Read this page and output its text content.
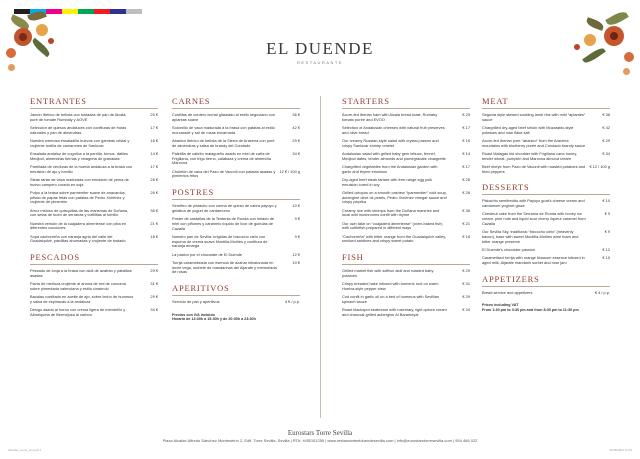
EL DUENDE
RESTAURANTE
ENTRANTES
Jamón Ibérico de bellota con tostadas de pan de Alcalá, puré de tomate Rumbaly y AOVE
25 €
Selección de quesos andaluces con confituras de frutas naturales y pan de almendras
17 €
Nuestra cremosa ensaladilla huevos con gambas cristal y crujiente tortilla de camarones de Sanlúcar
16 €
Ensalada andaluz de cogollos a la parrilla, tomos, dátiles Medjool, almendras tiernas y vinagreta de granadas
14 €
Parrillada de verduras de la huerta andaluza a la brasa con emulsión de ajo y tomillo
17 €
Steak tartar de vaca madurada con emulsión de yema de huevo campero curado en soja
28 €
Pulpo a la brasa sobre parmentier suave de anacardos, pétalo de papas fritas con patatas de Pedro Ximénez y crujiente de pimentón
26 €
Arroz meloso de quisquillas de las marismas de Doñana, con setas de buen de serranas y tortillitas al tomillo
36 €
Nuestra versión de la cuajadera almeriense con piba en diferentes cocciones
21 €
Sopa cachorreña con naranja agria del valle del Guadalquivir, pardillas ahumadas y crujiente de tostado
18 €
PESCADOS
Pescado de lonja a la brasa con aioli de azafrán y patatitas asadas
29 €
Pavía de merluza crujiente al aroma de red de curcuma sobre pimentada valenciana y estilo cinabrolo
31 €
Bacalao confitado en aceite de ajo, sobre lecho de hummus y salsa de espinacas a la andaluza
29 €
Desigo asado al horno con crema ligera de membrillo y Albariqueta de Bermejosa al carbón
34 €
CARNES
Costillas de cordero lechal glaseado al estilo segoviano con apiantas suave
36 €
Solomillo de vaca madurada a la brasa con patatas al estilo morcarade y sal de rosas encarnada
42 €
Abanico ibérico de bellota de la Sierra de Aracena con puré de almendras y salsa de brandy del Condado
29 €
Paletilla de cabrito malagueño asado en miel de caña de Frigiliana, con trigo tierno, calabaza y crema de almendra Marcona
34 €
Chuletón de vaca del Pazo de Vaconil con patatas asadas y pimientos fritos
12 € / 100 g
POSTRES
Semifrío de pistacho con crema de queso de cabra payoyo y gelatina de yogurt de cardamomo
10 €
Poster de castañas de la Tentenia de Ronda con helado de miel con piñones y caramelo líquido de licor de guindas de Cazalla
9 €
Nuestro pan de Sevilla: brigidas de bizcocho cielo con espuma de crema suave Montilla-Moriles y confitura de naranja amarga
9 €
La pasión por el chocolate de El Duende	12 €
Torrija caramelizada con esencia de azahar infusionada en leche vega, sorbete de mandarinas del Aljarafe y mermelada de rosas
10 €
APERITIVOS
Servicio de pan y aperitivos	4 € / p.p.
Precios con IVA incluido
Horario de 13:30h a 15:30h y de 20:30h a 23:30h
STARTERS
Acorn-fed Iberian ham with Alcalá bread toast, Rumaby tomato purée and EVOO
€ 25
Selection of Andalusian cheeses with natural fruit preserves and olive bread
€ 17
Our creamy Russian-style salad with crystal prawns and crispy Sanlúcar shrimp omelet
€ 16
Andalusian salad with grilled baby gem lettuce, fennel, Medjool dates, tender almonds and pomegranate vinaigrette
€ 14
Chargrilled vegetables from the Andalusian garden with garlic and thyme emulsion
€ 17
Dry-aged beef steak tartare with free-range egg yolk emulsion cured in soy
€ 28
Grilled octopus on a smooth cashew “Iparmentier” cold soup, aubergine olive oil pearls, Pedro Ximénez vinegar sauce and crispy paprika
€ 26
Creamy rice with shrimps from the Doñana marshes and local wild mushrooms confit with thyme
€ 36
Our own take on “cuajadera almeriense” (oven-baked fish) with cuttlefish prepared in different ways
€ 21
“Cachorreña” with bitter orange from the Guadalquivir valley, smoked sardines and crispy sweet potato
€ 18
FISH
Grilled market fish with saffron aioli and roasted baby potatoes
€ 29
Crispy breaded hake infused with turmeric root on warm Huelva-style pepper stew
€ 31
Cod confit in garlic oil on a bed of hummus with Sevillian spinach sauce
€ 29
Roast blackspot seabream with rosemary, light quince cream and charcoal-grilled aubergine Al Barameyal
€ 34
MEAT
Segovia style stewed suckling lamb ribs with mild “apiantes” sauce
€ 36
Chargrilled dry-aged beef sirloin with Mozarabic-style potatoes and rose flake salt
€ 42
Acorn-fed Iberian pork “abanico” from the Aracena mountains with blueberry purée and Condado brandy sauce
€ 29
Roast Malagan kid shoulder with Frigiliana cane honey, tender wheat, pumpkin and Marcona almond cream
€ 34
Beef ribeye from Pazo de Vaconil with roasted potatoes and fried peppers
€ 12 / 100 g
DESSERTS
Pistachio semifreddo with Payoyo goat's cheese cream and cardamom yoghurt glaze
€ 10
Chestnut cake from the Serranía de Ronda with honey ice cream, pine nuts and liquid sour cherry liqueur caramel from Cazalla
€ 9
Our Sevilla Sky, traditional “bizcocho cielo” (heavenly bacon), base with sweet Montilla-Moriles wine foam and bitter orange preserve
€ 9
El Duende's chocolate passion	€ 12
Caramelised torrija with orange blossom essence infused in aged milk, Aljarafe mandarin sorbet and rose jam
€ 10
APPETIZERS
Bread service and appetizers	€ 4 / p.p.
Prices including VAT
From 1:30 pm to 3:30 pm and from 8:30 pm to 11:30 pm
Eurostars Torre Sevilla
Plaza Alcalde Alfredo Sánchez Monteseirín 2, Edif. Torre Sevilla, Sevilla | RTA: H/SE/01255 | www.restauranteelduendesevilla.com | info@eurostarstorresevilla.com | 954 466 022
duende_menu_pvo.pdf 1	11/06/2021 11:29
